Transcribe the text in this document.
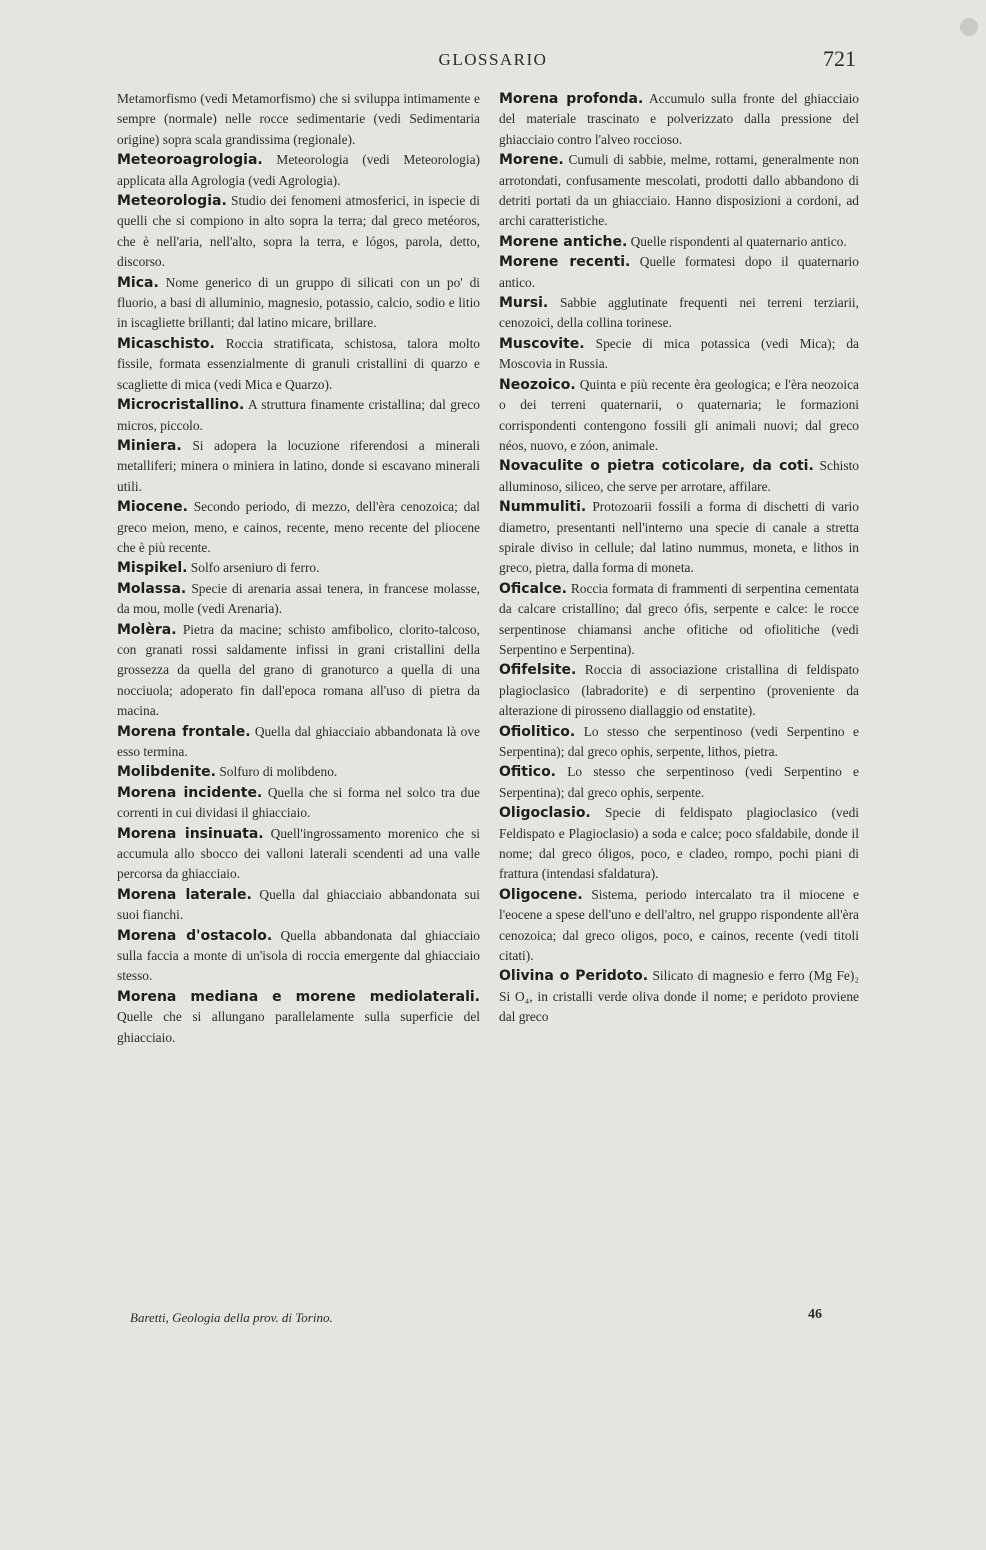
GLOSSARIO	721

Metamorfismo (vedi Metamorfismo) che si sviluppa intimamente e sempre (normale) nelle rocce sedimentarie (vedi Sedimentaria origine) sopra scala grandissima (regionale).

Meteoroagrologia. Meteorologia (vedi Meteorologia) applicata alla Agrologia (vedi Agrologia).

Meteorologia. Studio dei fenomeni atmosferici, in ispecie di quelli che si compiono in alto sopra la terra; dal greco metéoros, che è nell'aria, nell'alto, sopra la terra, e lógos, parola, detto, discorso.

Mica. Nome generico di un gruppo di silicati con un po' di fluorio, a basi di alluminio, magnesio, potassio, calcio, sodio e litio in iscagliette brillanti; dal latino micare, brillare.

Micaschisto. Roccia stratificata, schistosa, talora molto fissile, formata essenzialmente di granuli cristallini di quarzo e scagliette di mica (vedi Mica e Quarzo).

Microcristallino. A struttura finamente cristallina; dal greco micros, piccolo.

Miniera. Si adopera la locuzione riferendosi a minerali metalliferi; minera o miniera in latino, donde si escavano minerali utili.

Miocene. Secondo periodo, di mezzo, dell'èra cenozoica; dal greco meion, meno, e cainos, recente, meno recente del pliocene che è più recente.

Mispikel. Solfo arseniuro di ferro.

Molassa. Specie di arenaria assai tenera, in francese molasse, da mou, molle (vedi Arenaria).

Molèra. Pietra da macine; schisto amfibolico, clorito-talcoso, con granati rossi saldamente infissi in grani cristallini della grossezza da quella del grano di granoturco a quella di una nocciuola; adoperato fin dall'epoca romana all'uso di pietra da macina.

Morena frontale. Quella dal ghiacciaio abbandonata là ove esso termina.

Molibdenite. Solfuro di molibdeno.

Morena incidente. Quella che si forma nel solco tra due correnti in cui dividasi il ghiacciaio.

Morena insinuata. Quell'ingrossamento morenico che si accumula allo sbocco dei valloni laterali scendenti ad una valle percorsa da ghiacciaio.

Morena laterale. Quella dal ghiacciaio abbandonata sui suoi fianchi.

Morena d'ostacolo. Quella abbandonata dal ghiacciaio sulla faccia a monte di un'isola di roccia emergente dal ghiacciaio stesso.

Morena mediana e morene mediolaterali. Quelle che si allungano parallelamente sulla superficie del ghiacciaio.

Morena profonda. Accumulo sulla fronte del ghiacciaio del materiale trascinato e polverizzato dalla pressione del ghiacciaio contro l'alveo roccioso.

Morene. Cumuli di sabbie, melme, rottami, generalmente non arrotondati, confusamente mescolati, prodotti dallo abbandono di detriti portati da un ghiacciaio. Hanno disposizioni a cordoni, ad archi caratteristiche.

Morene antiche. Quelle rispondenti al quaternario antico.

Morene recenti. Quelle formatesi dopo il quaternario antico.

Mursi. Sabbie agglutinate frequenti nei terreni terziarii, cenozoici, della collina torinese.

Muscovite. Specie di mica potassica (vedi Mica); da Moscovia in Russia.

Neozoico. Quinta e più recente èra geologica; e l'èra neozoica o dei terreni quaternarii, o quaternaria; le formazioni corrispondenti contengono fossili gli animali nuovi; dal greco néos, nuovo, e zóon, animale.

Novaculite o pietra coticolare, da coti. Schisto alluminoso, siliceo, che serve per arrotare, affilare.

Nummuliti. Protozoarii fossili a forma di dischetti di vario diametro, presentanti nell'interno una specie di canale a stretta spirale diviso in cellule; dal latino nummus, moneta, e lithos in greco, pietra, dalla forma di moneta.

Oficalce. Roccia formata di frammenti di serpentina cementata da calcare cristallino; dal greco ófis, serpente e calce: le rocce serpentinose chiamansi anche ofitiche od ofiolitiche (vedi Serpentino e Serpentina).

Ofifelsite. Roccia di associazione cristallina di feldispato plagioclasico (labradorite) e di serpentino (proveniente da alterazione di pirosseno diallaggio od enstatite).

Ofiolitico. Lo stesso che serpentinoso (vedi Serpentino e Serpentina); dal greco ophis, serpente, lithos, pietra.

Ofitico. Lo stesso che serpentinoso (vedi Serpentino e Serpentina); dal greco ophis, serpente.

Oligoclasio. Specie di feldispato plagioclasico (vedi Feldispato e Plagioclasio) a soda e calce; poco sfaldabile, donde il nome; dal greco óligos, poco, e cladeo, rompo, pochi piani di frattura (intendasi sfaldatura).

Oligocene. Sistema, periodo intercalato tra il miocene e l'eocene a spese dell'uno e dell'altro, nel gruppo rispondente all'èra cenozoica; dal greco oligos, poco, e cainos, recente (vedi titoli citati).

Olivina o Peridoto. Silicato di magnesio e ferro (Mg Fe)₂ Si O₄, in cristalli verde oliva donde il nome; e peridoto proviene dal greco

Baretti, Geologia della prov. di Torino.	46
